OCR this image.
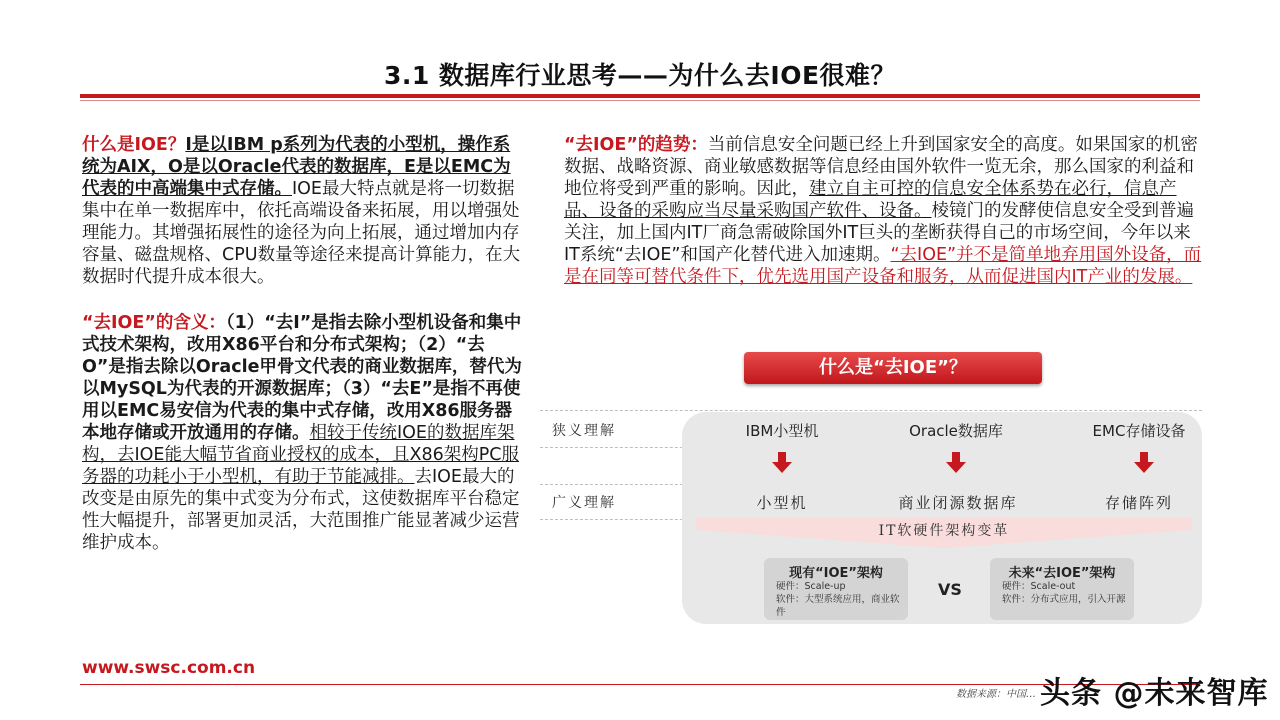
3.1 数据库行业思考——为什么去IOE很难？

什么是IOE？I是以IBM p系列为代表的小型机，操作系统为AIX，O是以Oracle代表的数据库，E是以EMC为代表的中高端集中式存储。IOE最大特点就是将一切数据集中在单一数据库中，依托高端设备来拓展，用以增强处理能力。其增强拓展性的途径为向上拓展，通过增加内存容量、磁盘规格、CPU数量等途径来提高计算能力，在大数据时代提升成本很大。

“去IOE”的含义：（1）“去I”是指去除小型机设备和集中式技术架构，改用X86平台和分布式架构；（2）“去O”是指去除以Oracle甲骨文代表的商业数据库，替代为以MySQL为代表的开源数据库；（3）“去E”是指不再使用以EMC易安信为代表的集中式存储，改用X86服务器本地存储或开放通用的存储。相较于传统IOE的数据库架构，去IOE能大幅节省商业授权的成本，且X86架构PC服务器的功耗小于小型机，有助于节能减排。去IOE最大的改变是由原先的集中式变为分布式，这使数据库平台稳定性大幅提升，部署更加灵活，大范围推广能显著减少运营维护成本。

“去IOE”的趋势：当前信息安全问题已经上升到国家安全的高度。如果国家的机密数据、战略资源、商业敏感数据等信息经由国外软件一览无余，那么国家的利益和地位将受到严重的影响。因此，建立自主可控的信息安全体系势在必行，信息产品、设备的采购应当尽量采购国产软件、设备。棱镜门的发酵使信息安全受到普遍关注，加上国内IT厂商急需破除国外IT巨头的垄断获得自己的市场空间，今年以来IT系统“去IOE”和国产化替代进入加速期。“去IOE”并不是简单地弃用国外设备，而是在同等可替代条件下，优先选用国产设备和服务，从而促进国内IT产业的发展。

什么是“去IOE”？
狭义理解
广义理解
IBM小型机	Oracle数据库	EMC存储设备
小型机	商业闭源数据库	存储阵列
IT软硬件架构变革
现有“IOE”架构
硬件：Scale-up
软件：大型系统应用，商业软件
VS
未来“去IOE”架构
硬件：Scale-out
软件：分布式应用，引入开源
www.swsc.com.cn
数据来源：中国… 头条 @未来智库
